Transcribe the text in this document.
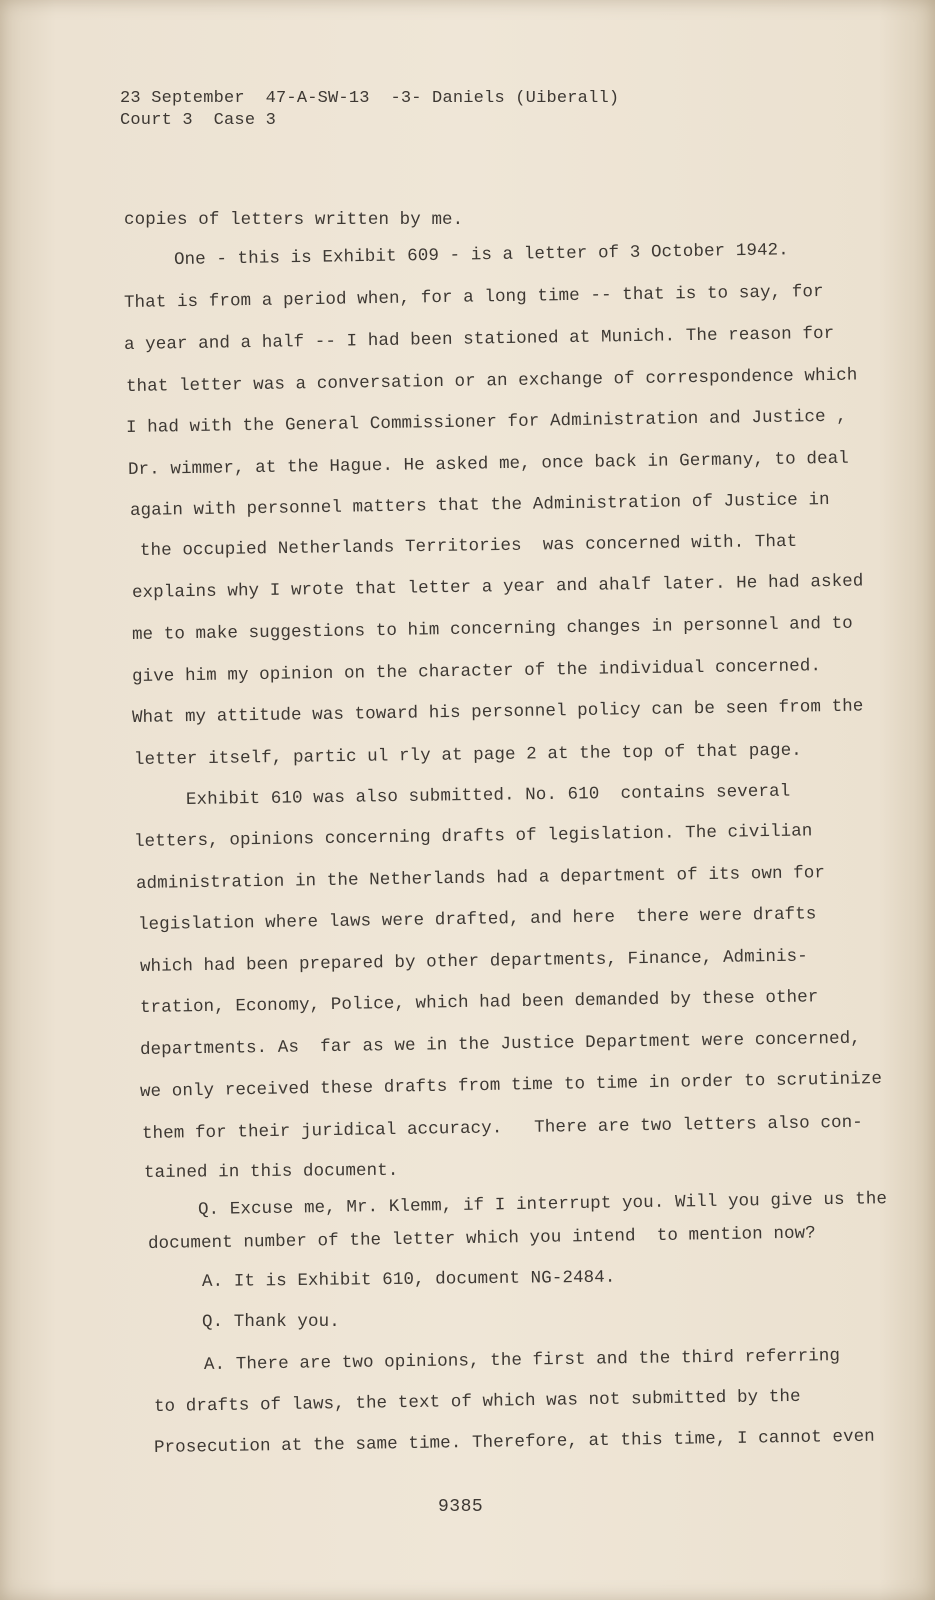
23 September  47-A-SW-13  -3- Daniels (Uiberall)
Court 3  Case 3
copies of letters written by me.
One - this is Exhibit 609 - is a letter of 3 October 1942.
That is from a period when, for a long time -- that is to say, for
a year and a half -- I had been stationed at Munich. The reason for
that letter was a conversation or an exchange of correspondence which
I had with the General Commissioner for Administration and Justice ,
Dr. wimmer, at the Hague. He asked me, once back in Germany, to deal
again with personnel matters that the Administration of Justice in
the occupied Netherlands Territories  was concerned with. That
explains why I wrote that letter a year and ahalf later. He had asked
me to make suggestions to him concerning changes in personnel and to
give him my opinion on the character of the individual concerned.
What my attitude was toward his personnel policy can be seen from the
letter itself, partic ul rly at page 2 at the top of that page.
Exhibit 610 was also submitted. No. 610  contains several
letters, opinions concerning drafts of legislation. The civilian
administration in the Netherlands had a department of its own for
legislation where laws were drafted, and here  there were drafts
which had been prepared by other departments, Finance, Adminis-
tration, Economy, Police, which had been demanded by these other
departments. As  far as we in the Justice Department were concerned,
we only received these drafts from time to time in order to scrutinize
them for their juridical accuracy.   There are two letters also con-
tained in this document.
Q. Excuse me, Mr. Klemm, if I interrupt you. Will you give us the
document number of the letter which you intend  to mention now?
A. It is Exhibit 610, document NG-2484.
Q. Thank you.
A. There are two opinions, the first and the third referring
to drafts of laws, the text of which was not submitted by the
Prosecution at the same time. Therefore, at this time, I cannot even
9385
